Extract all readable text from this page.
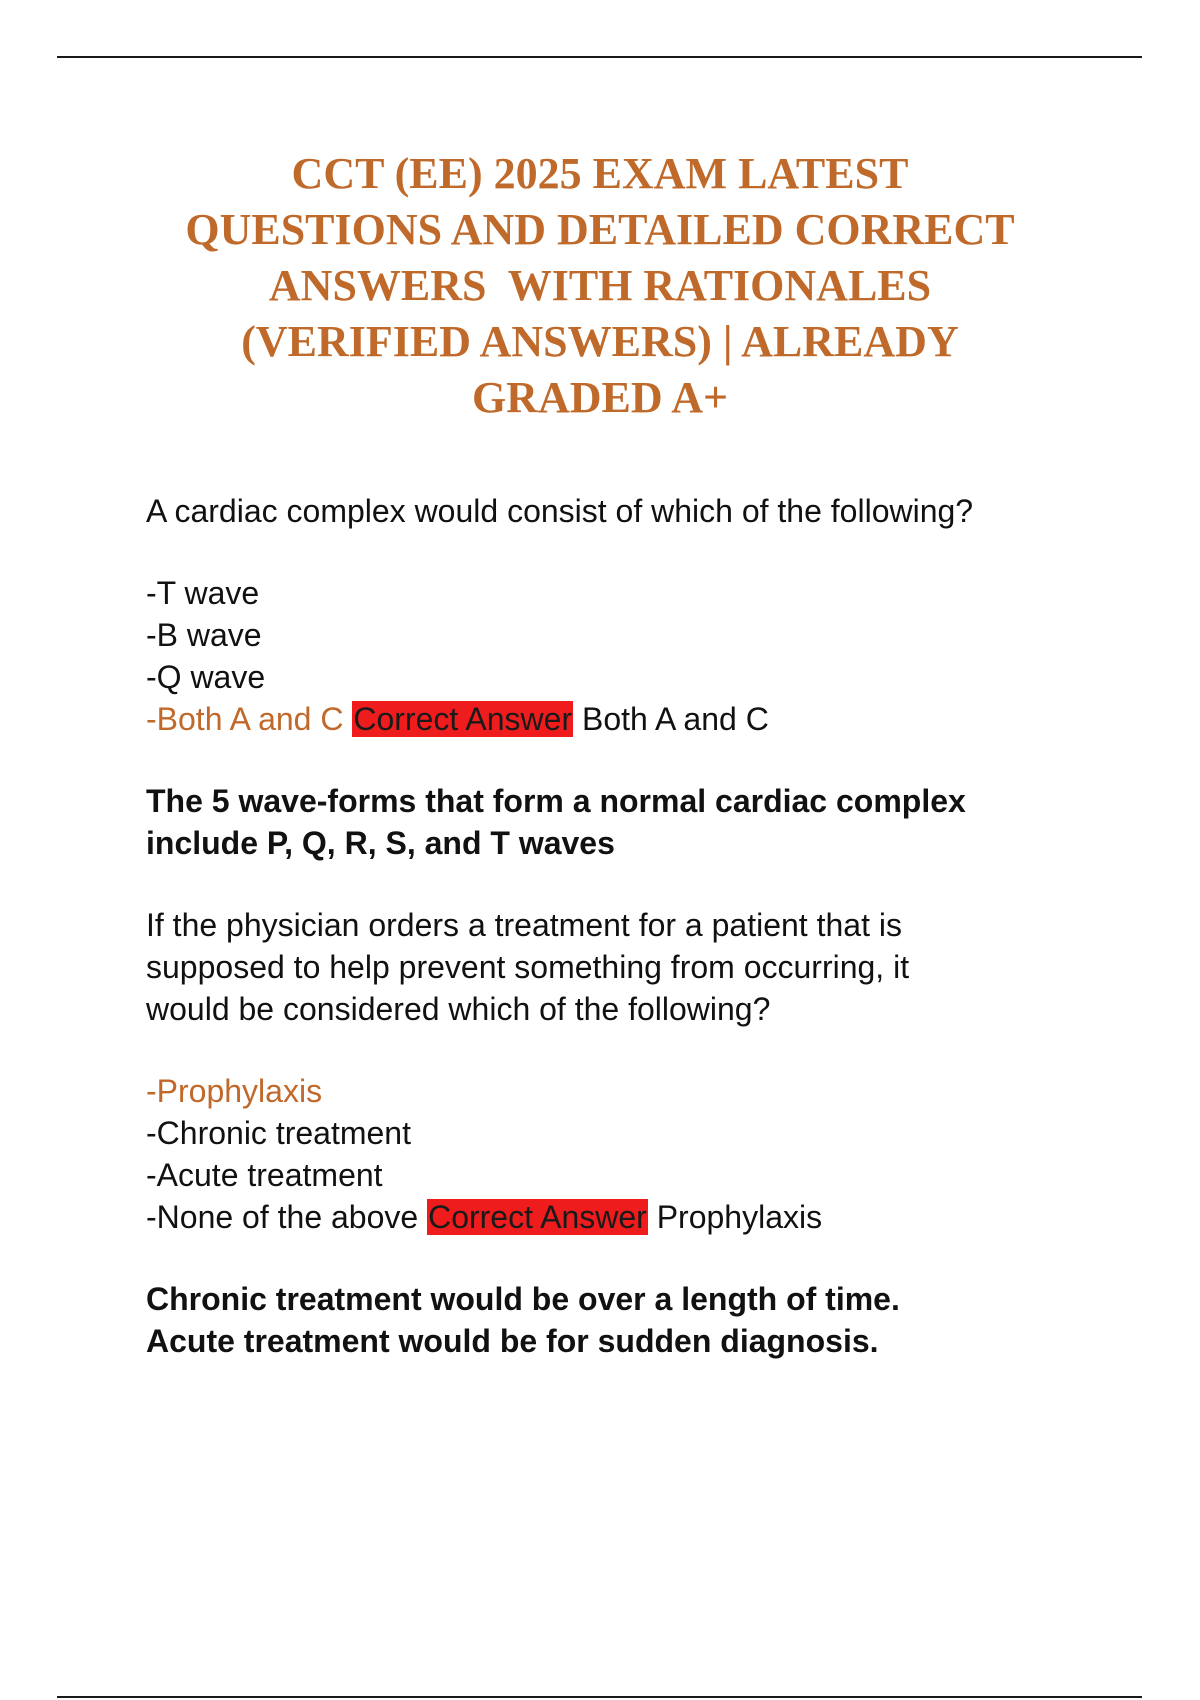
CCT (EE) 2025 EXAM LATEST
QUESTIONS AND DETAILED CORRECT
ANSWERS  WITH RATIONALES
(VERIFIED ANSWERS) | ALREADY
GRADED A+

A cardiac complex would consist of which of the following?

-T wave
-B wave
-Q wave
-Both A and C Correct Answer Both A and C

The 5 wave-forms that form a normal cardiac complex
include P, Q, R, S, and T waves

If the physician orders a treatment for a patient that is
supposed to help prevent something from occurring, it
would be considered which of the following?

-Prophylaxis
-Chronic treatment
-Acute treatment
-None of the above Correct Answer Prophylaxis

Chronic treatment would be over a length of time.
Acute treatment would be for sudden diagnosis.
